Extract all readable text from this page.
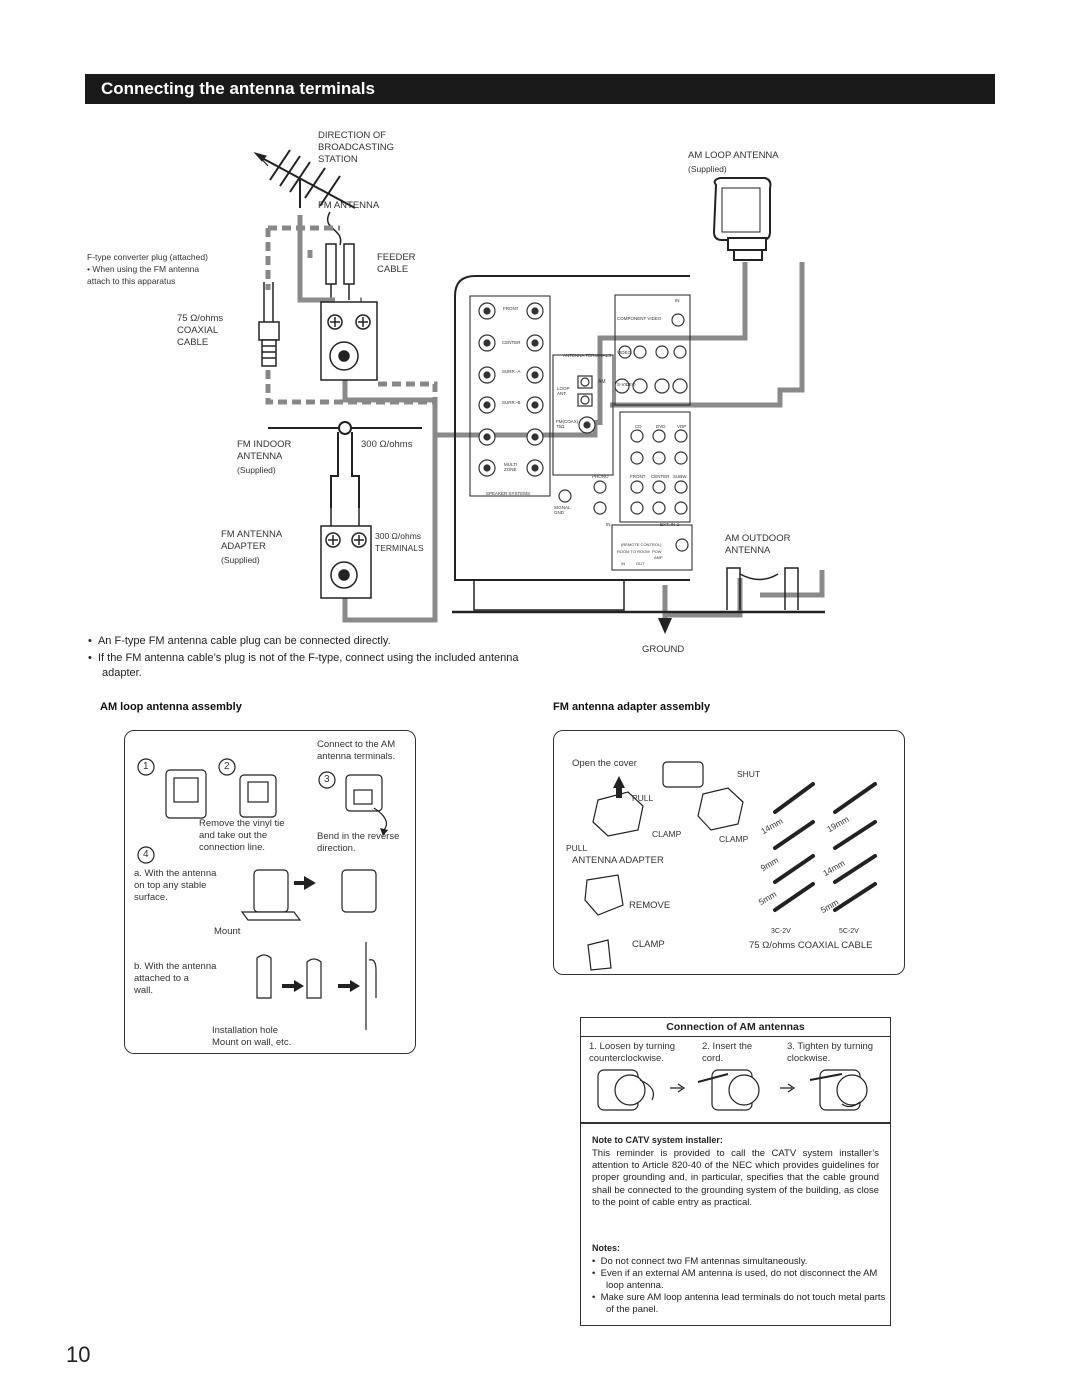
Connecting the antenna terminals
DIRECTION OF
BROADCASTING
STATION
FM ANTENNA
F-type converter plug (attached)
• When using the FM antenna
attach to this apparatus
FEEDER
CABLE
75 Ω/ohms
COAXIAL
CABLE
FM INDOOR
ANTENNA
(Supplied)
300 Ω/ohms
FM ANTENNA
ADAPTER
(Supplied)
300 Ω/ohms
TERMINALS
AM LOOP ANTENNA
(Supplied)
AM OUTDOOR
ANTENNA
GROUND
FRONT
CENTER
SURR.-A
SURR.-B
MULTI
ZONE
SPEAKER SYSTEMS
ANTENNA TERMINALS
LOOP
ANT.
AM
FM(COAX)
75Ω
COMPONENT VIDEO
VIDEO
S-VIDEO
CD	DVD	VDP
PHONO	FRONT CENTER SUBW.
SIGNAL
GND
IN	EXT. IN-1
(REMOTE CONTROL)
ROOM TO ROOM POW
AMP
IN	OUT
IN
•  An F-type FM antenna cable plug can be connected directly.
•  If the FM antenna cable’s plug is not of the F-type, connect using the included antenna adapter.
AM loop antenna assembly
1	2
3
4
Connect to the AM
antenna terminals.
Remove the vinyl tie
and take out the
connection line.
Bend in the reverse
direction.
a. With the antenna
on top any stable
surface.
Mount
b. With the antenna
attached to a
wall.
Installation hole
Mount on wall, etc.
FM antenna adapter assembly
Open the cover
SHUT
PULL
PULL
CLAMP	CLAMP
ANTENNA ADAPTER
REMOVE
CLAMP
14mm	19mm
9mm	14mm
5mm	5mm
3C-2V	5C-2V
75 Ω/ohms COAXIAL CABLE
Connection of AM antennas
1. Loosen by turning
counterclockwise.
2. Insert the
cord.
3. Tighten by turning
clockwise.
Note to CATV system installer:
This reminder is provided to call the CATV system installer’s attention to Article 820-40 of the NEC which provides guidelines for proper grounding and, in particular, specifies that the cable ground shall be connected to the grounding system of the building, as close to the point of cable entry as practical.
Notes:
•  Do not connect two FM antennas simultaneously.
•  Even if an external AM antenna is used, do not disconnect the AM loop antenna.
•  Make sure AM loop antenna lead terminals do not touch metal parts of the panel.
10
